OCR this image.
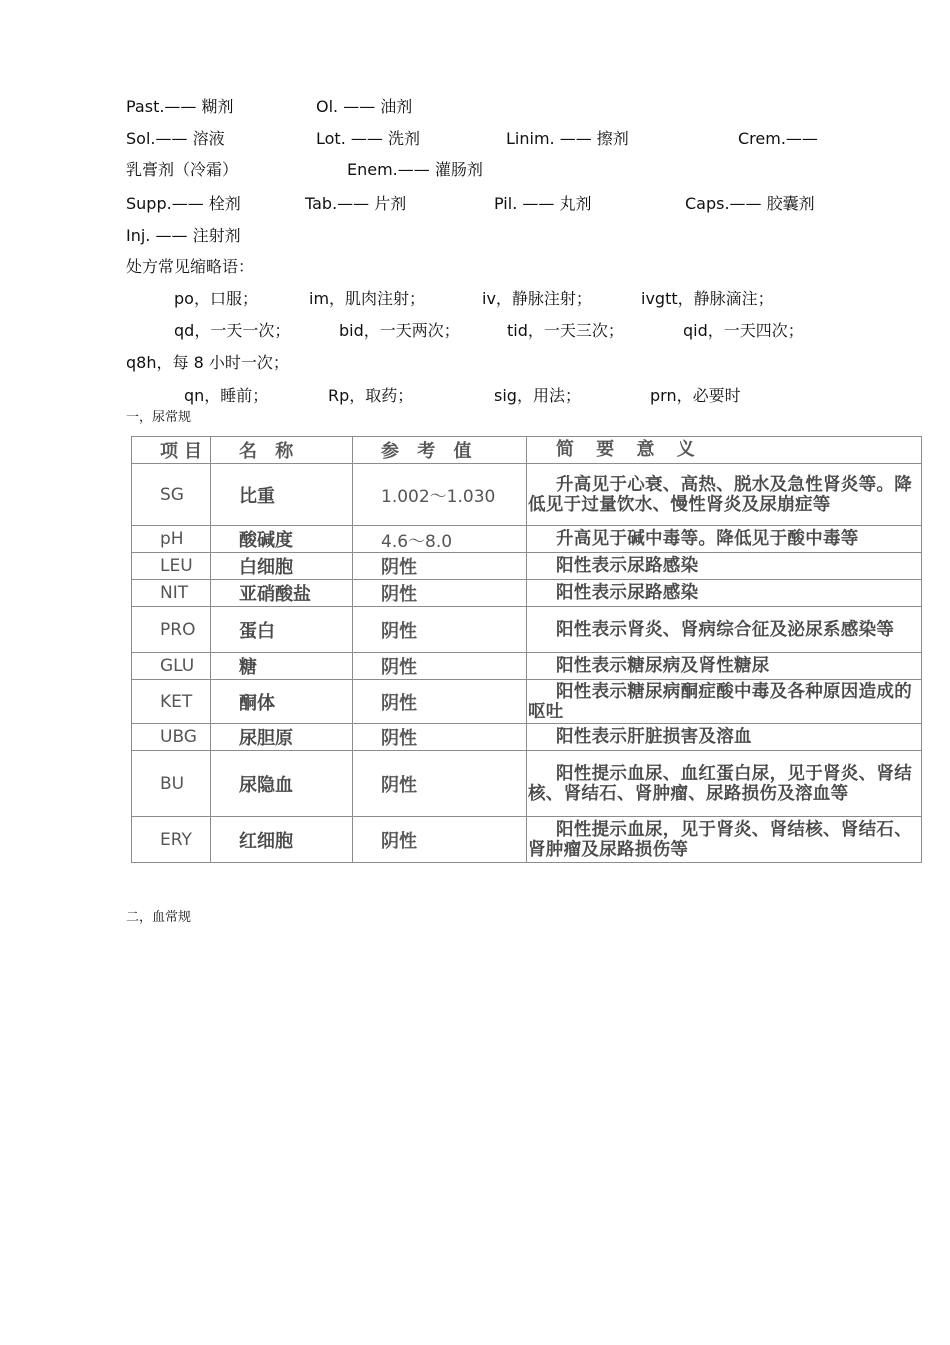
Past.—— 糊剂	Ol. —— 油剂
Sol.—— 溶液	Lot. —— 洗剂	Linim. —— 擦剂	Crem.——
乳膏剂（冷霜）	Enem.—— 灌肠剂
Supp.—— 栓剂	Tab.—— 片剂	Pil. —— 丸剂	Caps.—— 胶囊剂
Inj. —— 注射剂
处方常见缩略语：
po，口服；	im，肌肉注射；	iv，静脉注射；	ivgtt，静脉滴注；
qd，一天一次；	bid，一天两次；	tid，一天三次；	qid，一天四次；
q8h，每 8 小时一次；
qn，睡前；	Rp，取药；	sig，用法；	prn，必要时
一，尿常规
项目	名 称	参 考 值	简 要 意 义
SG	比重	1.002～1.030	升高见于心衰、高热、脱水及急性肾炎等。降低见于过量饮水、慢性肾炎及尿崩症等
pH	酸碱度	4.6～8.0	升高见于碱中毒等。降低见于酸中毒等
LEU	白细胞	阴性	阳性表示尿路感染
NIT	亚硝酸盐	阴性	阳性表示尿路感染
PRO	蛋白	阴性	阳性表示肾炎、肾病综合征及泌尿系感染等
GLU	糖	阴性	阳性表示糖尿病及肾性糖尿
KET	酮体	阴性	阳性表示糖尿病酮症酸中毒及各种原因造成的呕吐
UBG	尿胆原	阴性	阳性表示肝脏损害及溶血
BU	尿隐血	阴性	阳性提示血尿、血红蛋白尿，见于肾炎、肾结核、肾结石、肾肿瘤、尿路损伤及溶血等
ERY	红细胞	阴性	阳性提示血尿，见于肾炎、肾结核、肾结石、肾肿瘤及尿路损伤等
二，血常规
